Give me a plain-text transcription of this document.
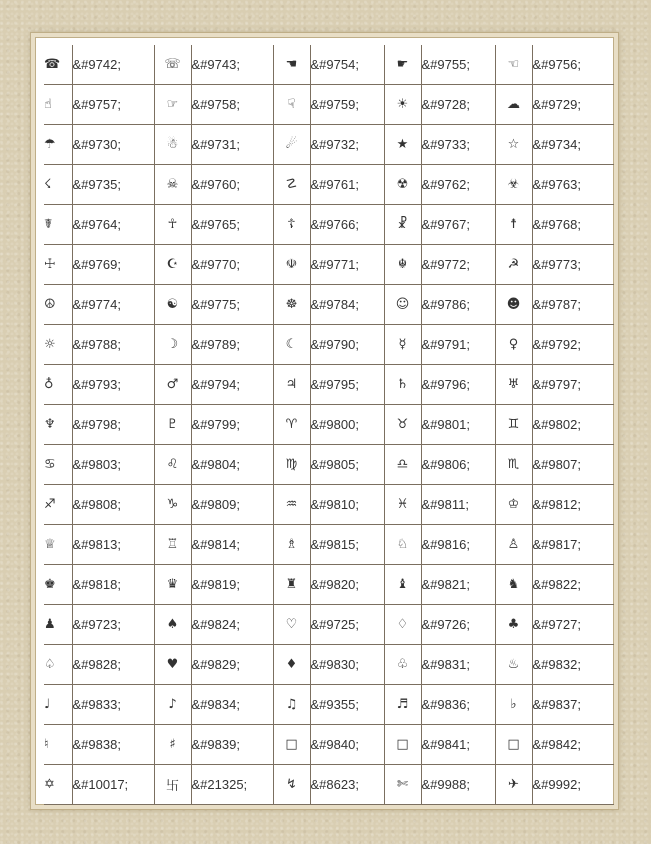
☎	&#9742;	☏	&#9743;	☚	&#9754;	☛	&#9755;	☜	&#9756;
☝	&#9757;	☞	&#9758;	☟	&#9759;	☀	&#9728;	☁	&#9729;
☂	&#9730;	☃	&#9731;	☄	&#9732;	★	&#9733;	☆	&#9734;
☇	&#9735;	☠	&#9760;	☡	&#9761;	☢	&#9762;	☣	&#9763;
☤	&#9764;	☥	&#9765;	☦	&#9766;	☧	&#9767;	☨	&#9768;
☩	&#9769;	☪	&#9770;	☫	&#9771;	☬	&#9772;	☭	&#9773;
☮	&#9774;	☯	&#9775;	☸	&#9784;	☺	&#9786;	☻	&#9787;
☼	&#9788;	☽	&#9789;	☾	&#9790;	☿	&#9791;	♀	&#9792;
♁	&#9793;	♂	&#9794;	♃	&#9795;	♄	&#9796;	♅	&#9797;
♆	&#9798;	♇	&#9799;	♈	&#9800;	♉	&#9801;	♊	&#9802;
♋	&#9803;	♌	&#9804;	♍	&#9805;	♎	&#9806;	♏	&#9807;
♐	&#9808;	♑	&#9809;	♒	&#9810;	♓	&#9811;	♔	&#9812;
♕	&#9813;	♖	&#9814;	♗	&#9815;	♘	&#9816;	♙	&#9817;
♚	&#9818;	♛	&#9819;	♜	&#9820;	♝	&#9821;	♞	&#9822;
♟	&#9723;	♠	&#9824;	♡	&#9725;	♢	&#9726;	♣	&#9727;
♤	&#9828;	♥	&#9829;	♦	&#9830;	♧	&#9831;	♨	&#9832;
♩	&#9833;	♪	&#9834;	♫	&#9355;	♬	&#9836;	♭	&#9837;
♮	&#9838;	♯	&#9839;	□	&#9840;	□	&#9841;	□	&#9842;
✡	&#10017;	卐	&#21325;	↯	&#8623;	✄	&#9988;	✈	&#9992;
